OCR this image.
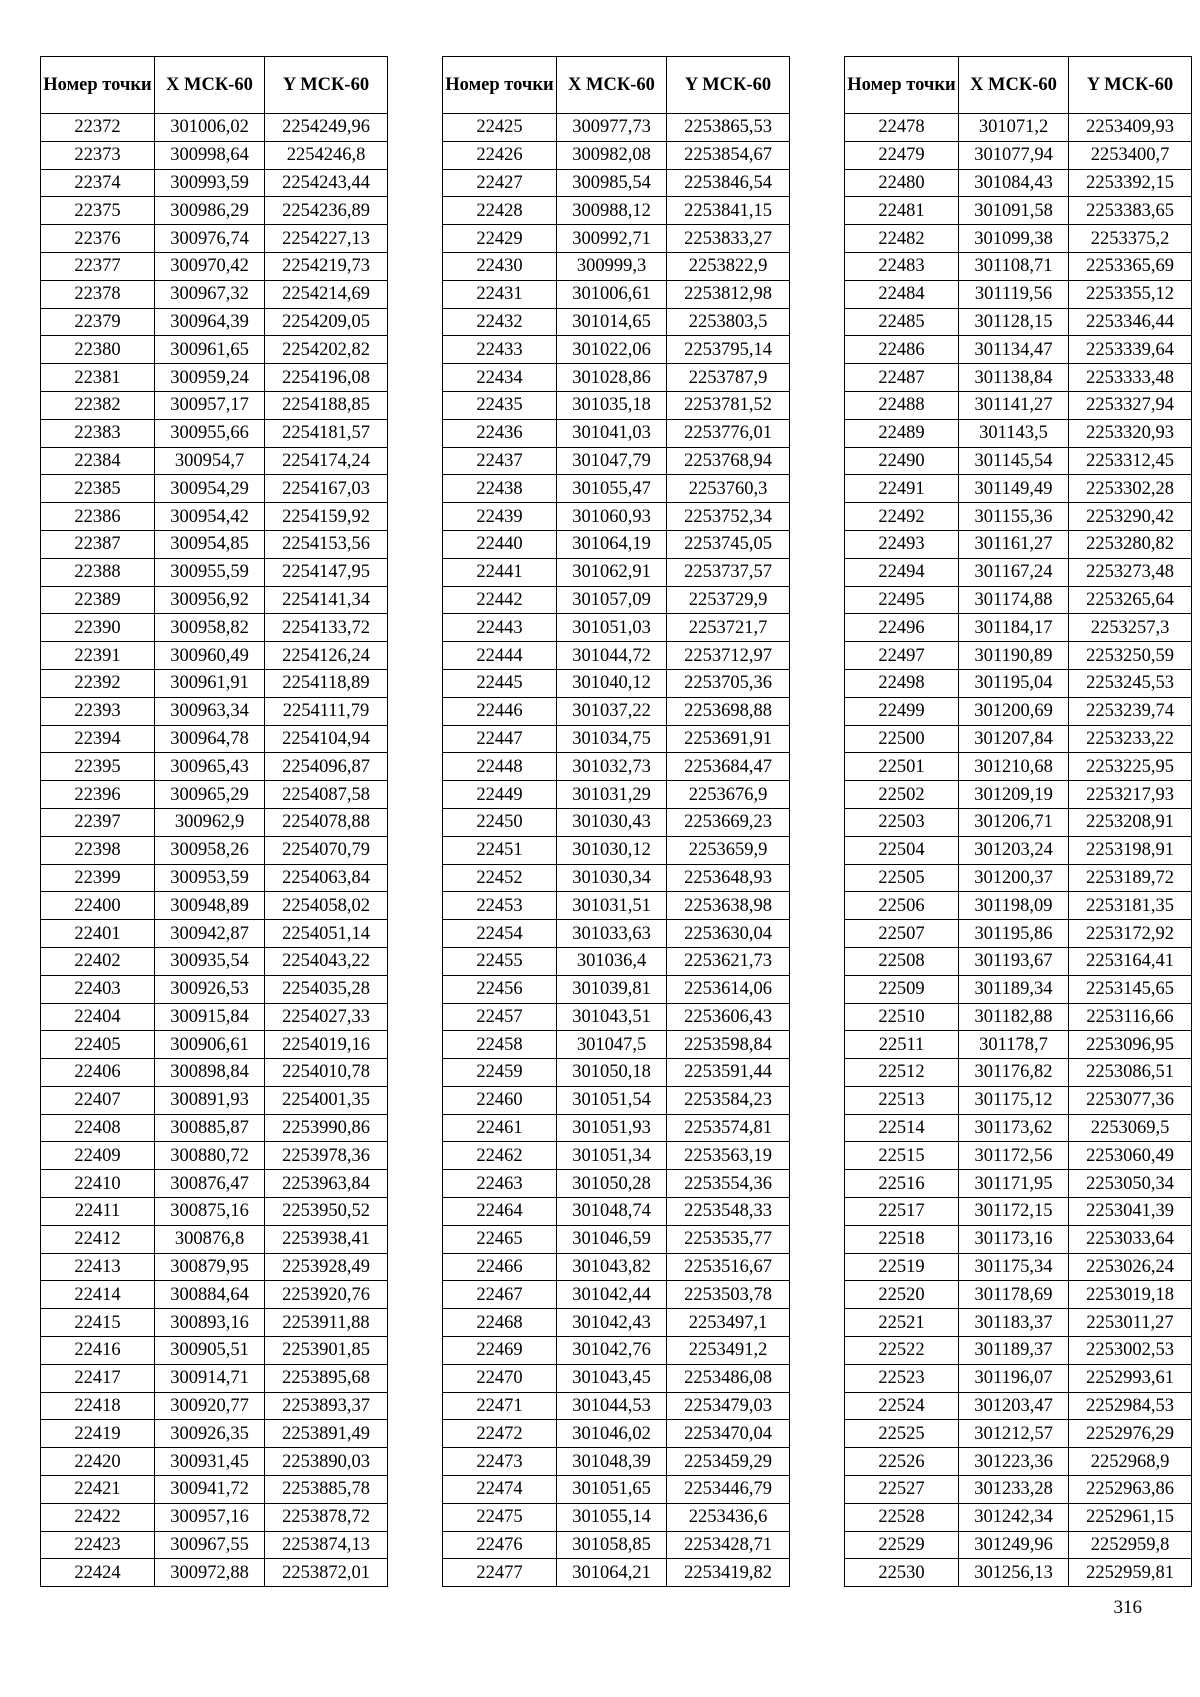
Номер точки	X МСК-60	Y МСК-60
22372	301006,02	2254249,96
22373	300998,64	2254246,8
22374	300993,59	2254243,44
22375	300986,29	2254236,89
22376	300976,74	2254227,13
22377	300970,42	2254219,73
22378	300967,32	2254214,69
22379	300964,39	2254209,05
22380	300961,65	2254202,82
22381	300959,24	2254196,08
22382	300957,17	2254188,85
22383	300955,66	2254181,57
22384	300954,7	2254174,24
22385	300954,29	2254167,03
22386	300954,42	2254159,92
22387	300954,85	2254153,56
22388	300955,59	2254147,95
22389	300956,92	2254141,34
22390	300958,82	2254133,72
22391	300960,49	2254126,24
22392	300961,91	2254118,89
22393	300963,34	2254111,79
22394	300964,78	2254104,94
22395	300965,43	2254096,87
22396	300965,29	2254087,58
22397	300962,9	2254078,88
22398	300958,26	2254070,79
22399	300953,59	2254063,84
22400	300948,89	2254058,02
22401	300942,87	2254051,14
22402	300935,54	2254043,22
22403	300926,53	2254035,28
22404	300915,84	2254027,33
22405	300906,61	2254019,16
22406	300898,84	2254010,78
22407	300891,93	2254001,35
22408	300885,87	2253990,86
22409	300880,72	2253978,36
22410	300876,47	2253963,84
22411	300875,16	2253950,52
22412	300876,8	2253938,41
22413	300879,95	2253928,49
22414	300884,64	2253920,76
22415	300893,16	2253911,88
22416	300905,51	2253901,85
22417	300914,71	2253895,68
22418	300920,77	2253893,37
22419	300926,35	2253891,49
22420	300931,45	2253890,03
22421	300941,72	2253885,78
22422	300957,16	2253878,72
22423	300967,55	2253874,13
22424	300972,88	2253872,01
Номер точки	X МСК-60	Y МСК-60
22425	300977,73	2253865,53
22426	300982,08	2253854,67
22427	300985,54	2253846,54
22428	300988,12	2253841,15
22429	300992,71	2253833,27
22430	300999,3	2253822,9
22431	301006,61	2253812,98
22432	301014,65	2253803,5
22433	301022,06	2253795,14
22434	301028,86	2253787,9
22435	301035,18	2253781,52
22436	301041,03	2253776,01
22437	301047,79	2253768,94
22438	301055,47	2253760,3
22439	301060,93	2253752,34
22440	301064,19	2253745,05
22441	301062,91	2253737,57
22442	301057,09	2253729,9
22443	301051,03	2253721,7
22444	301044,72	2253712,97
22445	301040,12	2253705,36
22446	301037,22	2253698,88
22447	301034,75	2253691,91
22448	301032,73	2253684,47
22449	301031,29	2253676,9
22450	301030,43	2253669,23
22451	301030,12	2253659,9
22452	301030,34	2253648,93
22453	301031,51	2253638,98
22454	301033,63	2253630,04
22455	301036,4	2253621,73
22456	301039,81	2253614,06
22457	301043,51	2253606,43
22458	301047,5	2253598,84
22459	301050,18	2253591,44
22460	301051,54	2253584,23
22461	301051,93	2253574,81
22462	301051,34	2253563,19
22463	301050,28	2253554,36
22464	301048,74	2253548,33
22465	301046,59	2253535,77
22466	301043,82	2253516,67
22467	301042,44	2253503,78
22468	301042,43	2253497,1
22469	301042,76	2253491,2
22470	301043,45	2253486,08
22471	301044,53	2253479,03
22472	301046,02	2253470,04
22473	301048,39	2253459,29
22474	301051,65	2253446,79
22475	301055,14	2253436,6
22476	301058,85	2253428,71
22477	301064,21	2253419,82
Номер точки	X МСК-60	Y МСК-60
22478	301071,2	2253409,93
22479	301077,94	2253400,7
22480	301084,43	2253392,15
22481	301091,58	2253383,65
22482	301099,38	2253375,2
22483	301108,71	2253365,69
22484	301119,56	2253355,12
22485	301128,15	2253346,44
22486	301134,47	2253339,64
22487	301138,84	2253333,48
22488	301141,27	2253327,94
22489	301143,5	2253320,93
22490	301145,54	2253312,45
22491	301149,49	2253302,28
22492	301155,36	2253290,42
22493	301161,27	2253280,82
22494	301167,24	2253273,48
22495	301174,88	2253265,64
22496	301184,17	2253257,3
22497	301190,89	2253250,59
22498	301195,04	2253245,53
22499	301200,69	2253239,74
22500	301207,84	2253233,22
22501	301210,68	2253225,95
22502	301209,19	2253217,93
22503	301206,71	2253208,91
22504	301203,24	2253198,91
22505	301200,37	2253189,72
22506	301198,09	2253181,35
22507	301195,86	2253172,92
22508	301193,67	2253164,41
22509	301189,34	2253145,65
22510	301182,88	2253116,66
22511	301178,7	2253096,95
22512	301176,82	2253086,51
22513	301175,12	2253077,36
22514	301173,62	2253069,5
22515	301172,56	2253060,49
22516	301171,95	2253050,34
22517	301172,15	2253041,39
22518	301173,16	2253033,64
22519	301175,34	2253026,24
22520	301178,69	2253019,18
22521	301183,37	2253011,27
22522	301189,37	2253002,53
22523	301196,07	2252993,61
22524	301203,47	2252984,53
22525	301212,57	2252976,29
22526	301223,36	2252968,9
22527	301233,28	2252963,86
22528	301242,34	2252961,15
22529	301249,96	2252959,8
22530	301256,13	2252959,81
316
